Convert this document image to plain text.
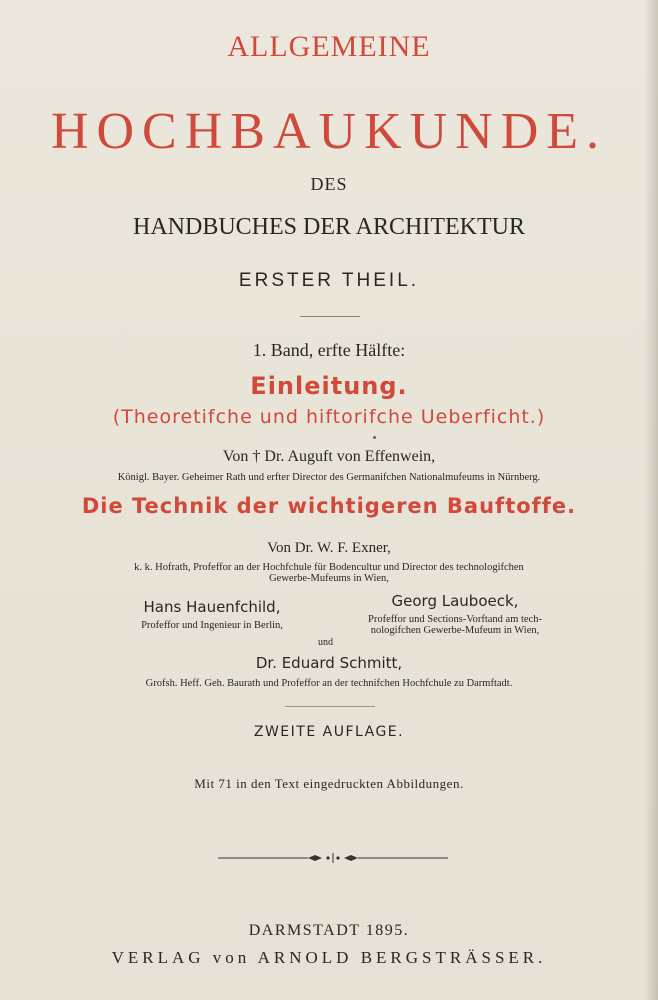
ALLGEMEINE
HOCHBAUKUNDE.
DES
HANDBUCHES DER ARCHITEKTUR
ERSTER THEIL.
1. Band, erfte Hälfte:
Einleitung.
(Theoretifche und hiftorifche Ueberficht.)
Von † Dr. Auguft von Effenwein,
Königl. Bayer. Geheimer Rath und erfter Director des Germanifchen Nationalmufeums in Nürnberg.
Die Technik der wichtigeren Bauftoffe.
Von Dr. W. F. Exner,
k. k. Hofrath, Profeffor an der Hochfchule für Bodencultur und Director des technologifchen
Gewerbe-Mufeums in Wien,
Hans Hauenfchild,
Profeffor und Ingenieur in Berlin,
Georg Lauboeck,
Profeffor und Sections-Vorftand am tech-
nologifchen Gewerbe-Mufeum in Wien,
und
Dr. Eduard Schmitt,
Grofsh. Heff. Geh. Baurath und Profeffor an der technifchen Hochfchule zu Darmftadt.
ZWEITE AUFLAGE.
Mit 71 in den Text eingedruckten Abbildungen.
DARMSTADT 1895.
VERLAG von ARNOLD BERGSTRÄSSER.
